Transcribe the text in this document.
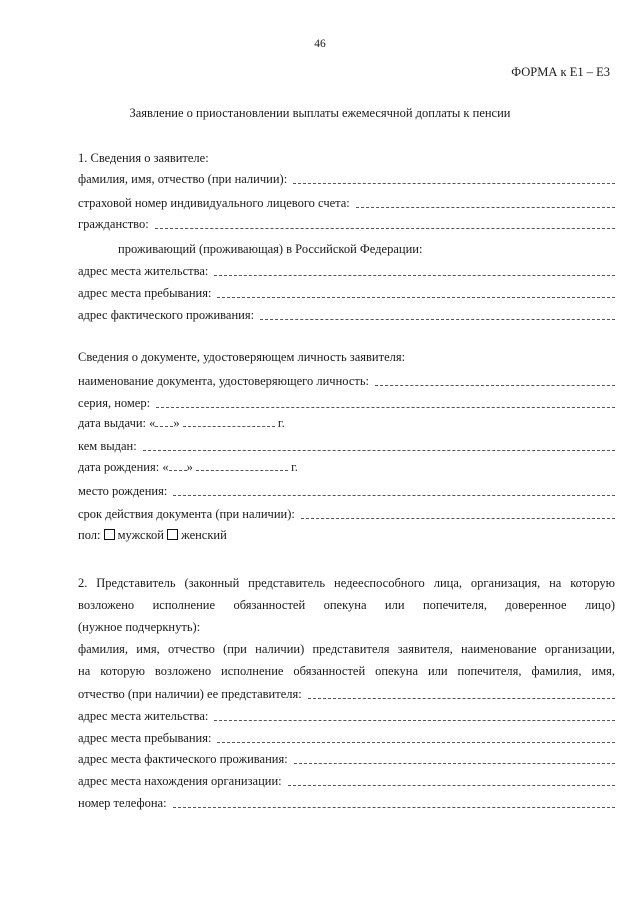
46
ФОРМА к Е1 – Е3
Заявление о приостановлении выплаты ежемесячной доплаты к пенсии
1. Сведения о заявителе:
фамилия, имя, отчество (при наличии):
страховой номер индивидуального лицевого счета:
гражданство:
проживающий (проживающая) в Российской Федерации:
адрес места жительства:
адрес места пребывания:
адрес фактического проживания:
Сведения о документе, удостоверяющем личность заявителя:
наименование документа, удостоверяющего личность:
серия, номер:
дата выдачи: « »	г.
кем выдан:
дата рождения: « »	г.
место рождения:
срок действия документа (при наличии):
пол: мужской женский
2. Представитель (законный представитель недееспособного лица, организация, на которую
возложено исполнение обязанностей опекуна или попечителя, доверенное лицо)
(нужное подчеркнуть):
фамилия, имя, отчество (при наличии) представителя заявителя, наименование организации,
на которую возложено исполнение обязанностей опекуна или попечителя, фамилия, имя,
отчество (при наличии) ее представителя:
адрес места жительства:
адрес места пребывания:
адрес места фактического проживания:
адрес места нахождения организации:
номер телефона:
